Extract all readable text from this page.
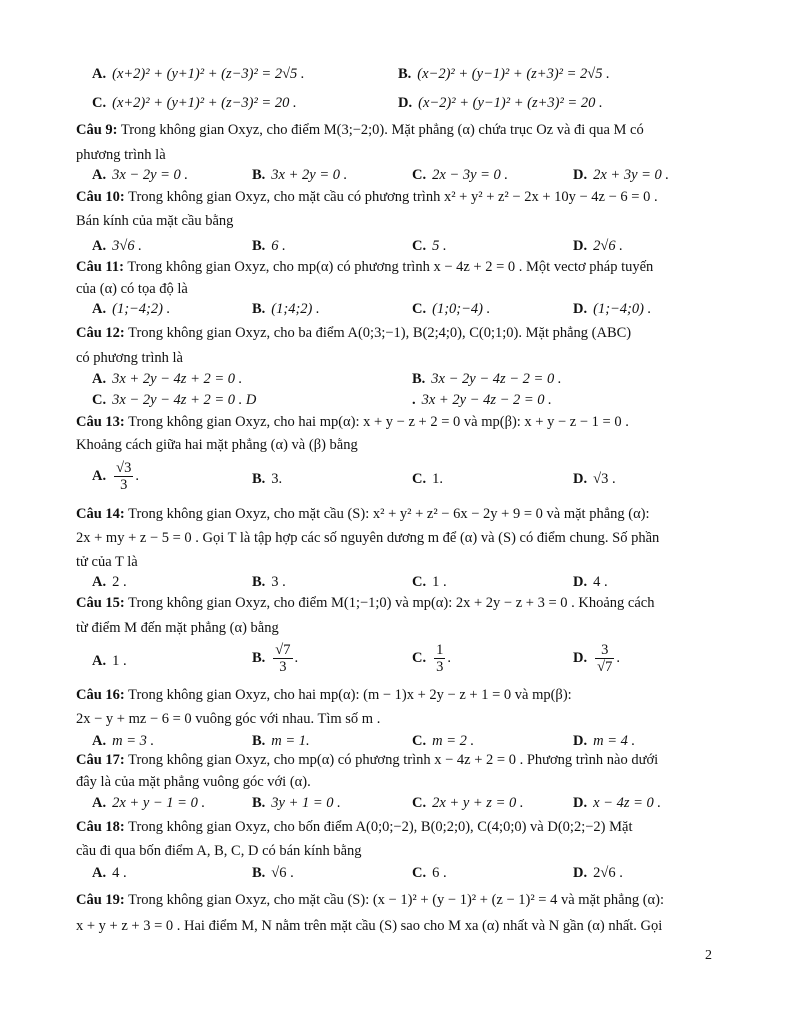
A. (x+2)² + (y+1)² + (z−3)² = 2√5 .	B. (x−2)² + (y−1)² + (z+3)² = 2√5 .
C. (x+2)² + (y+1)² + (z−3)² = 20 .	D. (x−2)² + (y−1)² + (z+3)² = 20 .
Câu 9: Trong không gian Oxyz, cho điểm M(3;−2;0). Mặt phẳng (α) chứa trục Oz và đi qua M có
phương trình là
A. 3x − 2y = 0 .	B. 3x + 2y = 0 .	C. 2x − 3y = 0 .	D. 2x + 3y = 0 .
Câu 10: Trong không gian Oxyz, cho mặt cầu có phương trình x² + y² + z² − 2x + 10y − 4z − 6 = 0 .
Bán kính của mặt cầu bằng
A. 3√6 .	B. 6 .	C. 5 .	D. 2√6 .
Câu 11: Trong không gian Oxyz, cho mp(α) có phương trình x − 4z + 2 = 0 . Một vectơ pháp tuyến
của (α) có tọa độ là
A. (1;−4;2) .	B. (1;4;2) .	C. (1;0;−4) .	D. (1;−4;0) .
Câu 12: Trong không gian Oxyz, cho ba điểm A(0;3;−1), B(2;4;0), C(0;1;0). Mặt phẳng (ABC)
có phương trình là
A. 3x + 2y − 4z + 2 = 0 .	B. 3x − 2y − 4z − 2 = 0 .
C. 3x − 2y − 4z + 2 = 0 . D	. 3x + 2y − 4z − 2 = 0 .
Câu 13: Trong không gian Oxyz, cho hai mp(α): x + y − z + 2 = 0 và mp(β): x + y − z − 1 = 0 .
Khoảng cách giữa hai mặt phẳng (α) và (β) bằng
A. $\frac{√3}{3}$ .	B. 3.	C. 1.	D. √3 .
Câu 14: Trong không gian Oxyz, cho mặt cầu (S): x² + y² + z² − 6x − 2y + 9 = 0 và mặt phẳng (α):
2x + my + z − 5 = 0 . Gọi T là tập hợp các số nguyên dương m để (α) và (S) có điểm chung. Số phần
tử của T là
A. 2 .	B. 3 .	C. 1 .	D. 4 .
Câu 15: Trong không gian Oxyz, cho điểm M(1;−1;0) và mp(α): 2x + 2y − z + 3 = 0 . Khoảng cách
từ điểm M đến mặt phẳng (α) bằng
A. 1 .	B. $\frac{√7}{3}$ .	C. $\frac{1}{3}$ .	D. $\frac{3}{√7}$ .
Câu 16: Trong không gian Oxyz, cho hai mp(α): (m − 1)x + 2y − z + 1 = 0 và mp(β):
2x − y + mz − 6 = 0 vuông góc với nhau. Tìm số m .
A. m = 3 .	B. m = 1.	C. m = 2 .	D. m = 4 .
Câu 17: Trong không gian Oxyz, cho mp(α) có phương trình x − 4z + 2 = 0 . Phương trình nào dưới
đây là của mặt phẳng vuông góc với (α).
A. 2x + y − 1 = 0 .	B. 3y + 1 = 0 .	C. 2x + y + z = 0 .	D. x − 4z = 0 .
Câu 18: Trong không gian Oxyz, cho bốn điểm A(0;0;−2), B(0;2;0), C(4;0;0) và D(0;2;−2) Mặt
cầu đi qua bốn điểm A, B, C, D có bán kính bằng
A. 4 .	B. √6 .	C. 6 .	D. 2√6 .
Câu 19: Trong không gian Oxyz, cho mặt cầu (S): (x − 1)² + (y − 1)² + (z − 1)² = 4 và mặt phẳng (α):
x + y + z + 3 = 0 . Hai điểm M, N nằm trên mặt cầu (S) sao cho M xa (α) nhất và N gần (α) nhất. Gọi
2
